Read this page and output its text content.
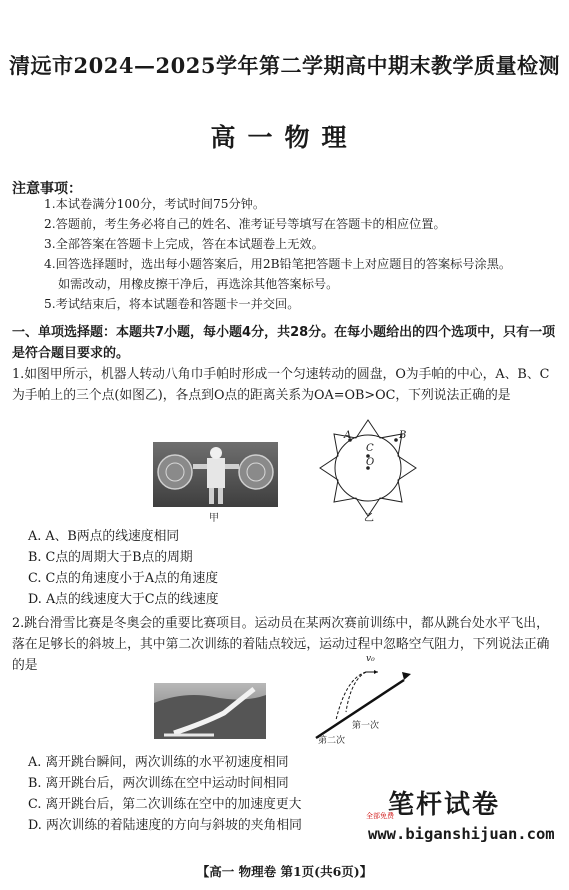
清远市2024—2025学年第二学期高中期末教学质量检测
高一物理
注意事项：
1.本试卷满分100分，考试时间75分钟。
2.答题前，考生务必将自己的姓名、准考证号等填写在答题卡的相应位置。
3.全部答案在答题卡上完成，答在本试题卷上无效。
4.回答选择题时，选出每小题答案后，用2B铅笔把答题卡上对应题目的答案标号涂黑。
如需改动，用橡皮擦干净后，再选涂其他答案标号。
5.考试结束后，将本试题卷和答题卡一并交回。
一、单项选择题：本题共7小题，每小题4分，共28分。在每小题给出的四个选项中，只有一项是符合题目要求的。
1.如图甲所示，机器人转动八角巾手帕时形成一个匀速转动的圆盘，O为手帕的中心，A、B、C为手帕上的三个点(如图乙)，各点到O点的距离关系为OA=OB>OC，下列说法正确的是
甲
A	B
C
O
乙
A. A、B两点的线速度相同
B. C点的周期大于B点的周期
C. C点的角速度小于A点的角速度
D. A点的线速度大于C点的线速度
2.跳台滑雪比赛是冬奥会的重要比赛项目。运动员在某两次赛前训练中，都从跳台处水平飞出，落在足够长的斜坡上，其中第二次训练的着陆点较远，运动过程中忽略空气阻力，下列说法正确的是	v₀
第一次
第二次
A. 离开跳台瞬间，两次训练的水平初速度相同
B. 离开跳台后，两次训练在空中运动时间相同
C. 离开跳台后，第二次训练在空中的加速度更大
D. 两次训练的着陆速度的方向与斜坡的夹角相同
笔杆试卷
全部免费
www.biganshijuan.com
【高一 物理卷 第1页(共6页)】
